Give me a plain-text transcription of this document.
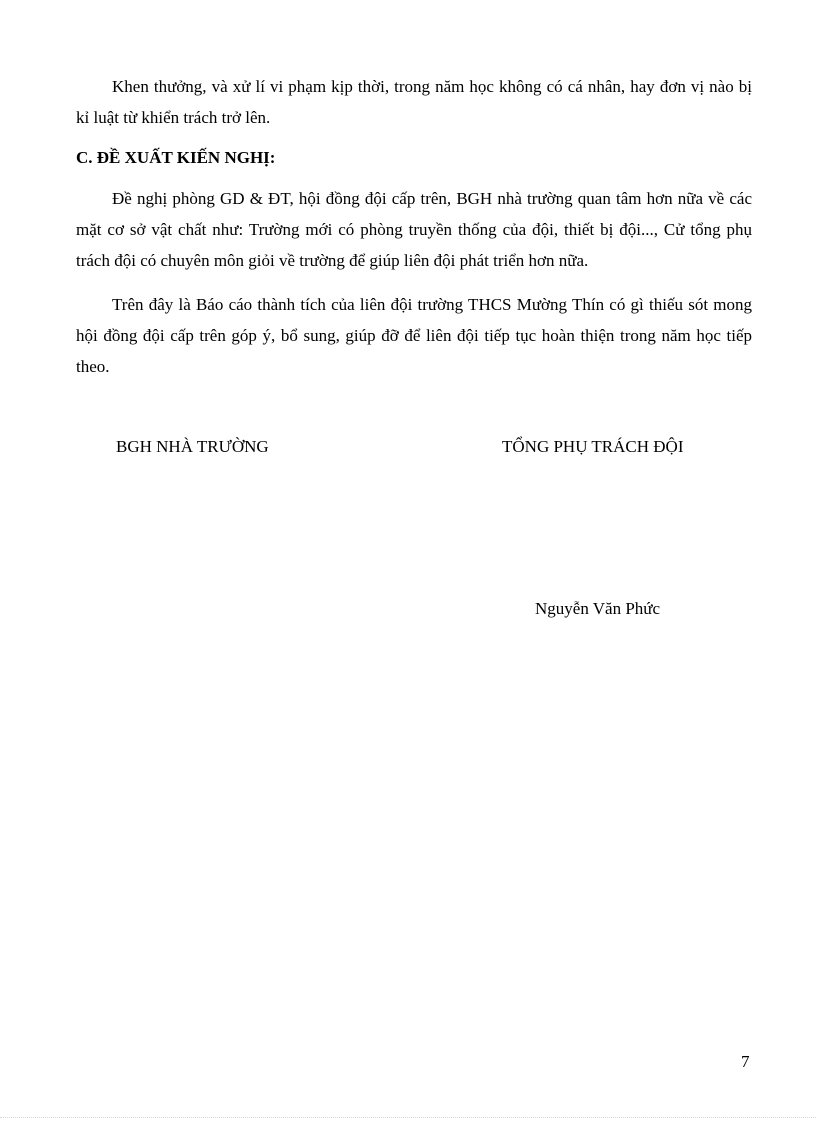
Khen thưởng, và xử lí vi phạm kịp thời, trong năm học không có cá nhân, hay đơn vị nào bị kỉ luật từ khiển trách trở lên.

C. ĐỀ XUẤT KIẾN NGHỊ:

Đề nghị phòng GD & ĐT, hội đồng đội cấp trên, BGH nhà trường quan tâm hơn nữa về các mặt cơ sở vật chất như: Trường mới có phòng truyền thống của đội, thiết bị đội..., Cử tổng phụ trách đội có chuyên môn giỏi về trường để giúp liên đội phát triển hơn nữa.

Trên đây là Báo cáo thành tích của liên đội trường THCS Mường Thín có gì thiếu sót mong hội đồng đội cấp trên góp ý, bổ sung, giúp đỡ để liên đội tiếp tục hoàn thiện trong năm học tiếp theo.

BGH NHÀ TRƯỜNG	TỔNG PHỤ TRÁCH ĐỘI
Nguyễn Văn Phức
7
